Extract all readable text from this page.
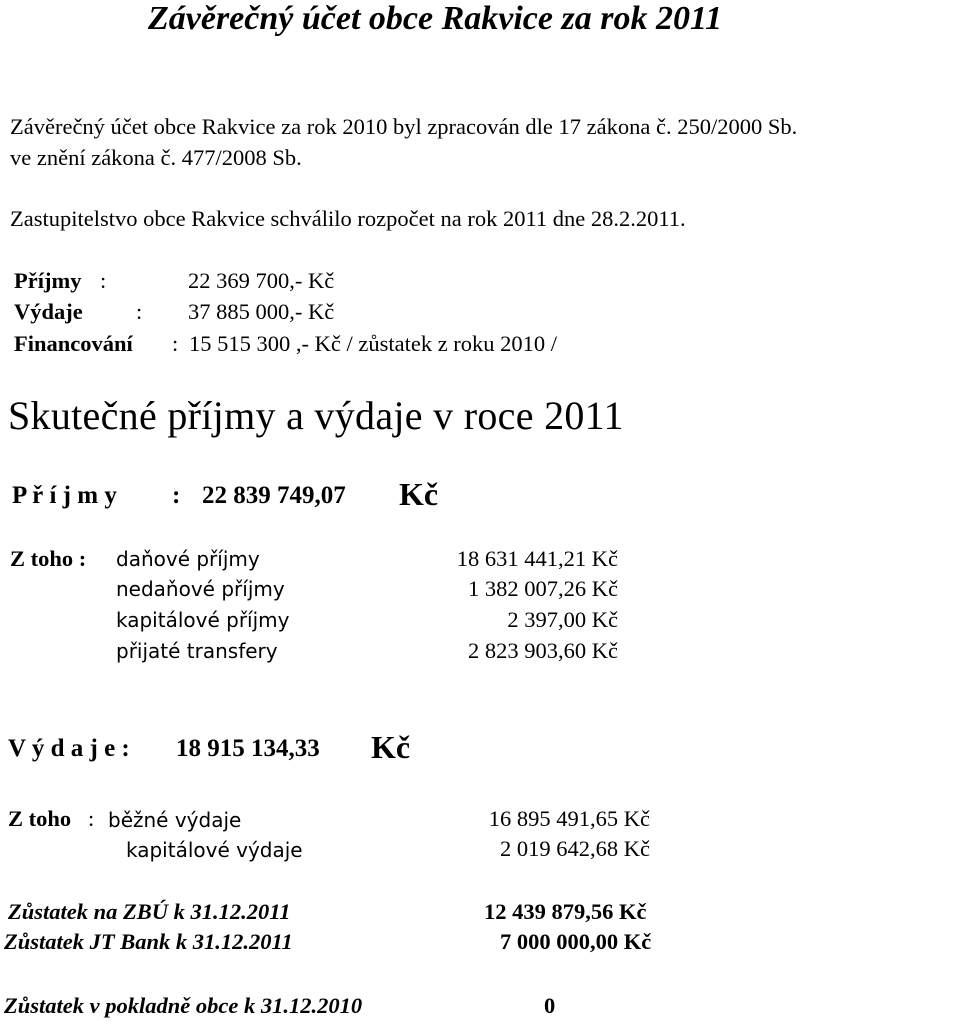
Závěrečný účet obce Rakvice za rok 2011
Závěrečný účet obce Rakvice za rok 2010 byl zpracován dle 17 zákona č. 250/2000 Sb.
ve znění zákona č. 477/2008 Sb.
Zastupitelstvo obce Rakvice schválilo rozpočet na rok 2011 dne 28.2.2011.
Příjmy :	22 369 700,- Kč
Výdaje : 37 885 000,- Kč
Financování : 15 515 300 ,- Kč / zůstatek z roku 2010 /
Skutečné příjmy a výdaje v roce 2011
P ř í j m y : 22 839 749,07 Kč
Z toho : daňové příjmy	18 631 441,21 Kč
nedaňové příjmy	1 382 007,26 Kč
kapitálové příjmy	2 397,00 Kč
přijaté transfery	2 823 903,60 Kč
V ý d a j e : 18 915 134,33 Kč
Z toho : běžné výdaje	16 895 491,65 Kč
kapitálové výdaje	2 019 642,68 Kč
Zůstatek na ZBÚ k 31.12.2011	12 439 879,56 Kč
Zůstatek JT Bank k 31.12.2011	7 000 000,00 Kč
Zůstatek v pokladně obce k 31.12.2010	0
